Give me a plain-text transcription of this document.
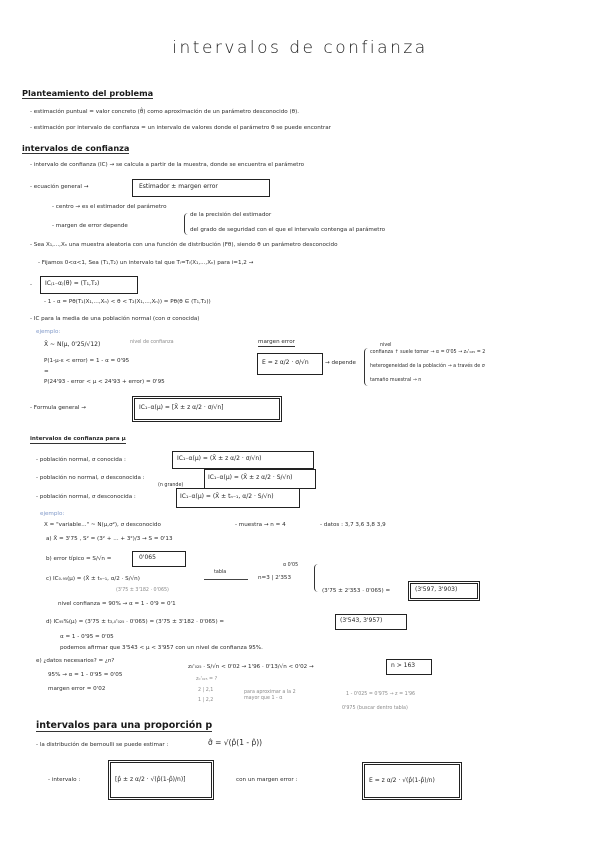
intervalos de confianza
Planteamiento del problema
- estimación puntual = valor concreto (θ̂) como aproximación de un parámetro desconocido (θ).
- estimación por intervalo de confianza = un intervalo de valores donde el parámetro θ se puede encontrar
intervalos de confianza
- intervalo de confianza (IC) → se calcula a partir de la muestra, donde se encuentra el parámetro
- ecuación general →	Estimador ± margen error
- centro → es el estimador del parámetro
- margen de error depende
de la precisión del estimador
del grado de seguridad con el que el intervalo contenga al parámetro
- Sea X₁,...,Xₙ una muestra aleatoria con una función de distribución (Fθ), siendo θ un parámetro desconocido
- Fijamos 0<α<1, Sea (T₁,T₂) un intervalo tal que Tᵢ=Tᵢ(X₁,...,Xₙ) para i=1,2 →
- IC₍₁₋α₎(θ) = (T₁,T₂)
- 1 - α = Pθ(T₁(X₁,...,Xₙ) < θ < T₂(X₁,...,Xₙ)) = Pθ(θ ∈ (T₁,T₂))
- IC para la media de una población normal (con σ conocida)
ejemplo:
X̄ ~ N(μ, 0'25/√12)	nivel de confianza
P(1-μ-ε < error) = 1 - α = 0'95
=
P(24'93 - error < μ < 24'93 + error) = 0'95
margen error
E = z α/2 · σ/√n	→ depende
nivel
confianza ↑ suele tomar → α = 0'05 → z₀'₀₂₅ = 2
heterogeneidad de la población → a través de σ
tamaño muestral → n
- Formula general →	IC₁₋α(μ) = [X̄ ± z α/2 · σ/√n]
intervalos de confianza para μ
- población normal, σ conocida :	IC₁₋α(μ) = (X̄ ± z α/2 · σ/√n)
- población no normal, σ desconocida :
(n grande)
IC₁₋α(μ) = (X̄ ± z α/2 · S/√n)
- población normal, σ desconocida :	IC₁₋α(μ) = (X̄ ± tₙ₋₁, α/2 · S/√n)
ejemplo:
X = "variable..." ~ N(μ,σ²), σ desconocido	- muestra → n = 4	- datos : 3,7 3,6 3,8 3,9
a) X̄ = 3'75 , S² = (3² + ... + 3²)/3 → S = 0'13
b) error típico = S/√n =	0'065
c) IC₀.₉₅(μ) = (X̄ ± tₙ₋₁, α/2 · S/√n)
(3'75 ± 3'182 · 0'065)
tabla
α 0'05
n=3 | 2'353
(3'75 ± 2'353 · 0'065) =	(3'597, 3'903)
nivel confianza = 90% → α = 1 - 0'9 = 0'1
d) IC₉₅%(μ) = (3'75 ± t₃,₀'₀₂₅ · 0'065) = (3'75 ± 3'182 · 0'065) =	(3'543, 3'957)
α = 1 - 0'95 = 0'05
podemos afirmar que 3'543 < μ < 3'957 con un nivel de confianza 95%.
e) ¿datos necesarios? = ¿n?
95% → α = 1 - 0'95 = 0'05
margen error = 0'02
z₀'₀₂₅ · S/√n < 0'02 → 1'96 · 0'13/√n < 0'02 →	n > 163
z₀'₀₂₅ = ?
2 | 2,1
1 | 2,2
para aproximar a la 2 mayor que 1 - α
1 - 0'025 = 0'975 → z = 1'96
0'975 (buscar dentro tabla)
intervalos para una proporción p
- la distribución de bernoulli se puede estimar :	σ̂ = √(p̂(1 - p̂))
- intervalo :	[p̂ ± z α/2 · √(p̂(1-p̂)/n)]	con un margen error :	E = z α/2 · √(p̂(1-p̂)/n)
